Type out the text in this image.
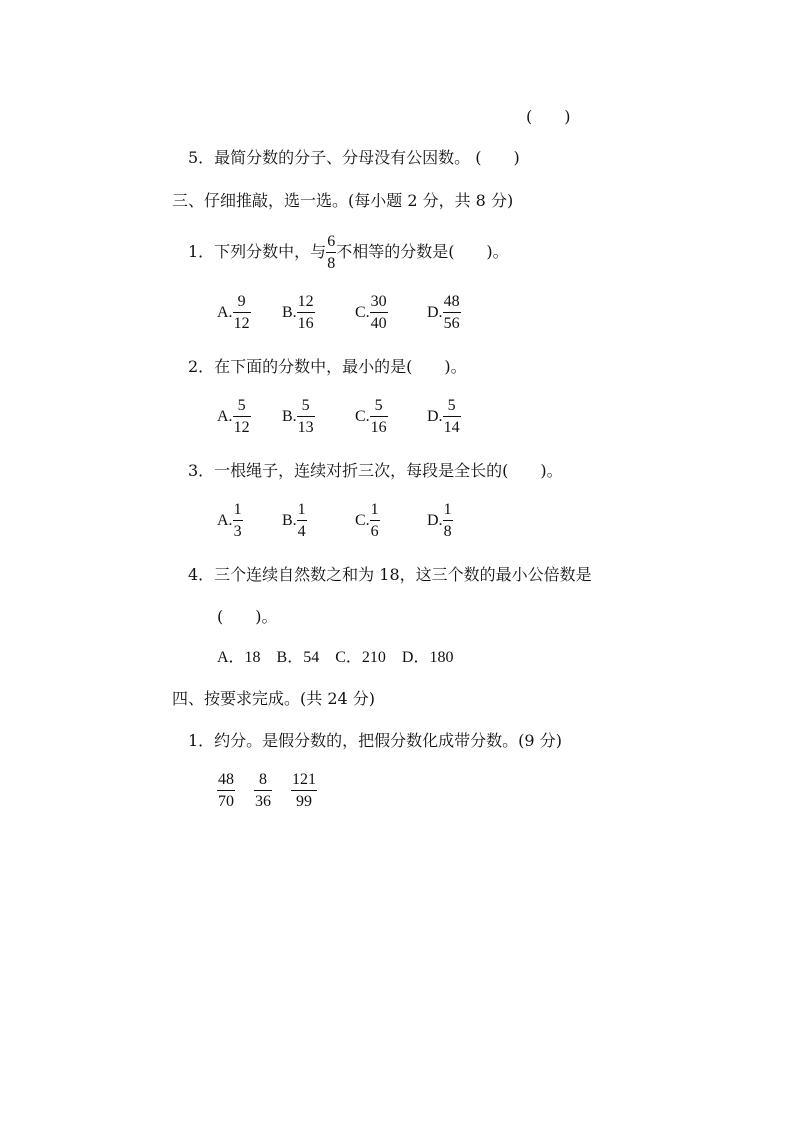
(　　)
5．最简分数的分子、分母没有公因数。 (　　)
三、仔细推敲，选一选。(每小题 2 分，共 8 分)
1．下列分数中，与 $\frac{6}{8}$ 不相等的分数是(　　)。
A. $\frac{9}{12} B$. $\frac{12}{16}$	C. $\frac{30}{40} D$. $\frac{48}{56}$
2．在下面的分数中，最小的是(　　)。
A. $\frac{5}{12} B$. $\frac{5}{13}$	C. $\frac{5}{16} D$. $\frac{5}{14}$
3．一根绳子，连续对折三次，每段是全长的(　　)。
A. $\frac{1}{3} B$. $\frac{1}{4}$	C. $\frac{1}{6}$	D. $\frac{1}{8}$
4．三个连续自然数之和为 18，这三个数的最小公倍数是
(　　)。
A．18　B．54　C．210　D．180
四、按要求完成。(共 24 分)
1．约分。是假分数的，把假分数化成带分数。(9 分)
$\frac{48}{70} \frac{8}{36} \frac{121}{99}$
